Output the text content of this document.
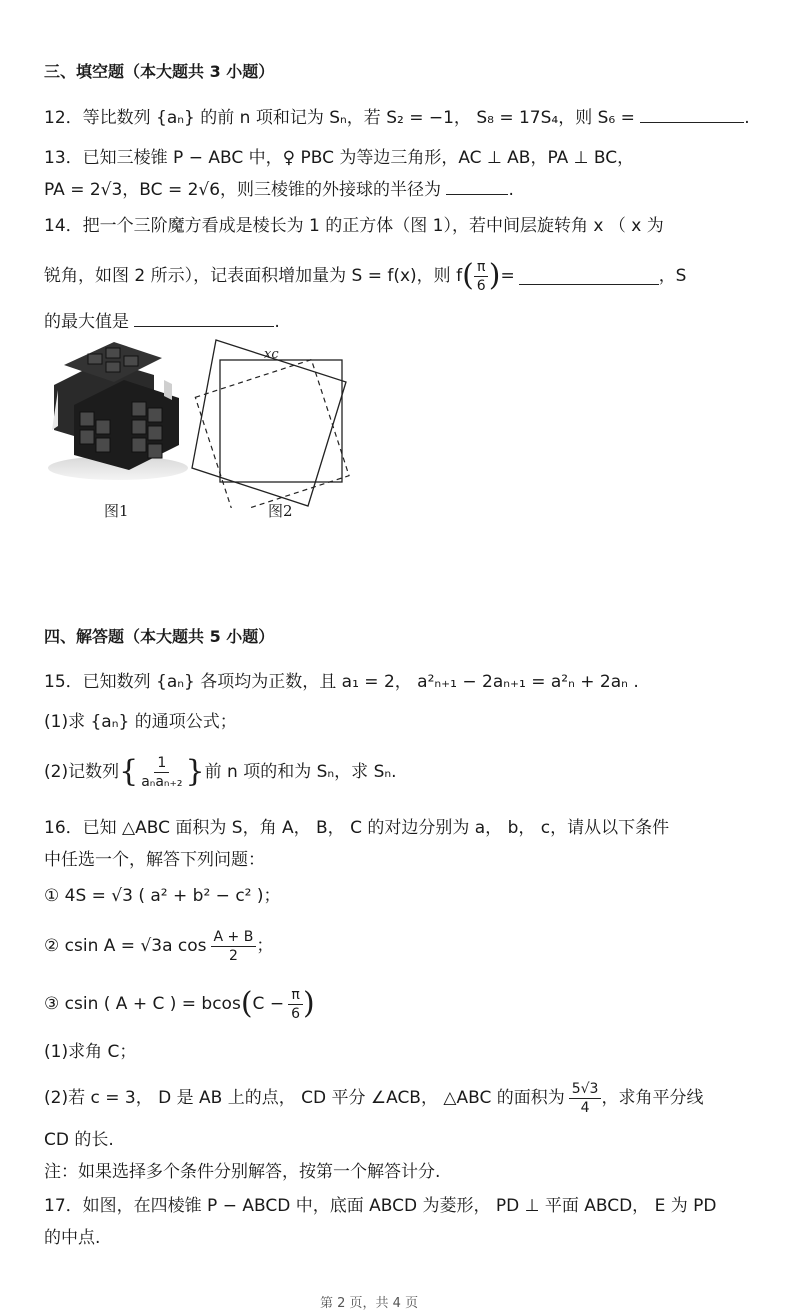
三、填空题（本大题共 3 小题）
12．等比数列 {aₙ} 的前 n 项和记为 Sₙ，若 S₂ = −1， S₈ = 17S₄，则 S₆ =	.
13．已知三棱锥 P − ABC 中，♀ PBC 为等边三角形，AC ⊥ AB，PA ⊥ BC，
PA = 2√3，BC = 2√6，则三棱锥的外接球的半径为	.
14．把一个三阶魔方看成是棱长为 1 的正方体（图 1），若中间层旋转角 x （ x 为
锐角，如图 2 所示），记表面积增加量为 S = f(x)，则 f ( $\frac{\pi}{6}$ ) =	，S
的最大值是	.
图1
xc
图2
四、解答题（本大题共 5 小题）
15．已知数列 {aₙ} 各项均为正数，且 a₁ = 2， a²ₙ₊₁ − 2aₙ₊₁ = a²ₙ + 2aₙ .
(1)求 {aₙ} 的通项公式；
(2)记数列 { $\frac{1}{\text{aₙaₙ₊₂}}$ } 前 n 项的和为 Sₙ，求 Sₙ.
16．已知 △ABC 面积为 S，角 A， B， C 的对边分别为 a， b， c，请从以下条件
中任选一个，解答下列问题：
① 4S = √3 ( a² + b² − c² )；
② csin A = √3a $\cos \frac{A + B}{2}$ ；
③ csin ( A + C ) = bcos ( $C - \frac{\pi}{6}$ )
(1)求角 C；
(2)若 c = 3， D 是 AB 上的点， CD 平分 ∠ACB， △ABC 的面积为 $\frac{5√3}{4}$ ，求角平分线
CD 的长.
注：如果选择多个条件分别解答，按第一个解答计分.
17．如图，在四棱锥 P − ABCD 中，底面 ABCD 为菱形， PD ⊥ 平面 ABCD， E 为 PD
的中点.
第 2 页，共 4 页
